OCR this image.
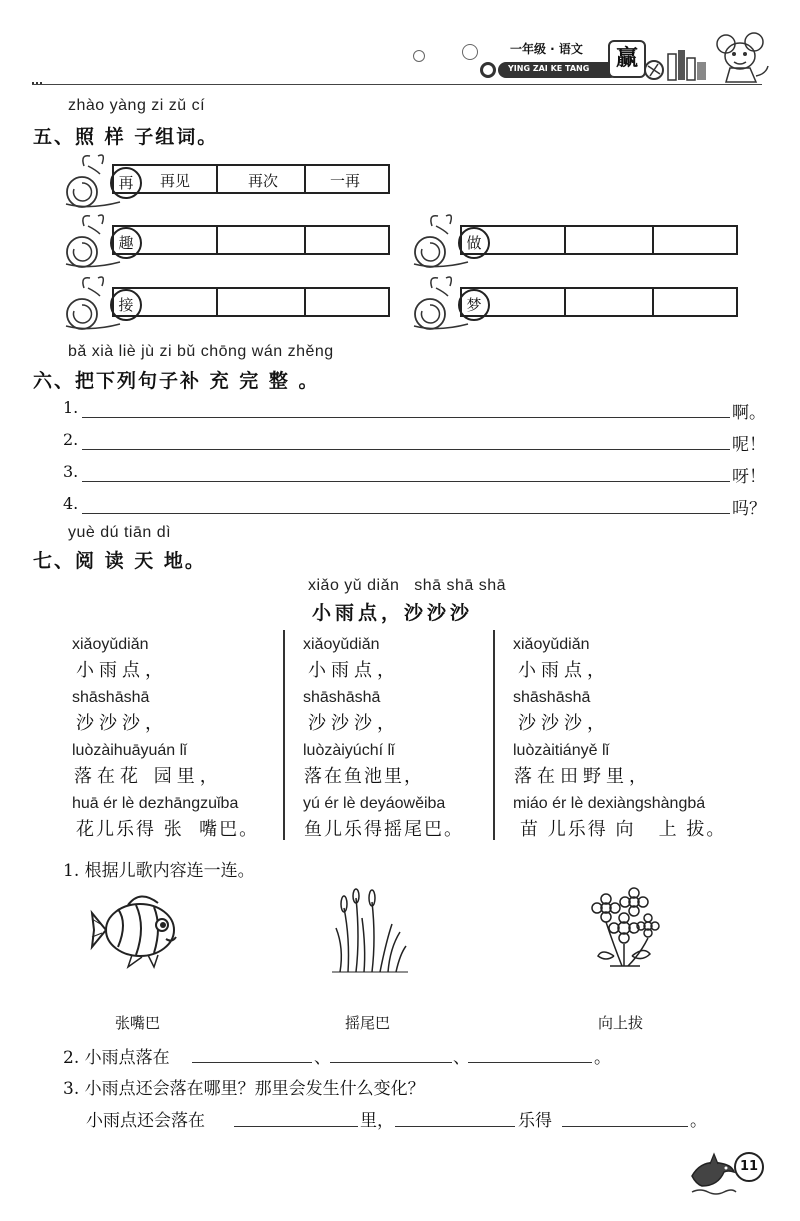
一年级 · 语文
YING ZAI KE TANG	赢
zhào yàng zi zǔ cí
五、照 样 子组词。
再	再见	再次	一再
趣	做
接	梦
bǎ xià liè jù zi bǔ chōng wán zhěng
六、把下列句子补 充 完 整 。
1.	啊。
2.	呢！
3.	呀！
4.	吗？
yuè dú tiān dì
七、阅 读 天 地。
xiǎo yǔ diǎn   shā shā shā
小雨点，沙沙沙
xiǎoyǔdiǎn
小雨点，
shāshāshā
沙沙沙，
luòzàihuāyuán lǐ
落在花 园里，
huā ér lè dezhāngzuǐba
花儿乐得 张  嘴巴。
xiǎoyǔdiǎn
小雨点，
shāshāshā
沙沙沙，
luòzàiyúchí lǐ
落在鱼池里，
yú ér lè deyáowěiba
鱼儿乐得摇尾巴。
xiǎoyǔdiǎn
小雨点，
shāshāshā
沙沙沙，
luòzàitiányě lǐ
落在田野里，
miáo ér lè dexiàngshàngbá
苗 儿乐得 向   上 拔。
1. 根据儿歌内容连一连。
张嘴巴	摇尾巴	向上拔
2. 小雨点落在	、	、	。
3. 小雨点还会落在哪里？那里会发生什么变化？
小雨点还会落在	里，	乐得	。
11
